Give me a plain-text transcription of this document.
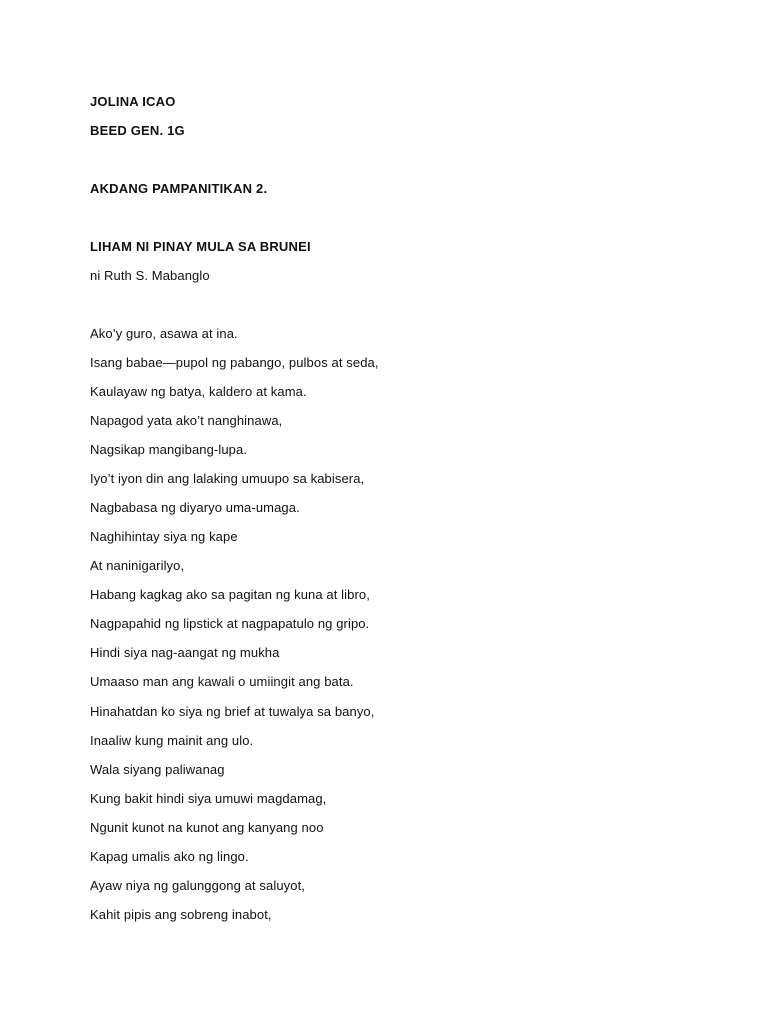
JOLINA ICAO
BEED GEN. 1G
AKDANG PAMPANITIKAN 2.
LIHAM NI PINAY MULA SA BRUNEI
ni Ruth S. Mabanglo
Ako’y guro, asawa at ina.
Isang babae—pupol ng pabango, pulbos at seda,
Kaulayaw ng batya, kaldero at kama.
Napagod yata ako’t nanghinawa,
Nagsikap mangibang-lupa.
Iyo’t iyon din ang lalaking umuupo sa kabisera,
Nagbabasa ng diyaryo uma-umaga.
Naghihintay siya ng kape
At naninigarilyo,
Habang kagkag ako sa pagitan ng kuna at libro,
Nagpapahid ng lipstick at nagpapatulo ng gripo.
Hindi siya nag-aangat ng mukha
Umaaso man ang kawali o umiingit ang bata.
Hinahatdan ko siya ng brief at tuwalya sa banyo,
Inaaliw kung mainit ang ulo.
Wala siyang paliwanag
Kung bakit hindi siya umuwi magdamag,
Ngunit kunot na kunot ang kanyang noo
Kapag umalis ako ng lingo.
Ayaw niya ng galunggong at saluyot,
Kahit pipis ang sobreng inabot,
